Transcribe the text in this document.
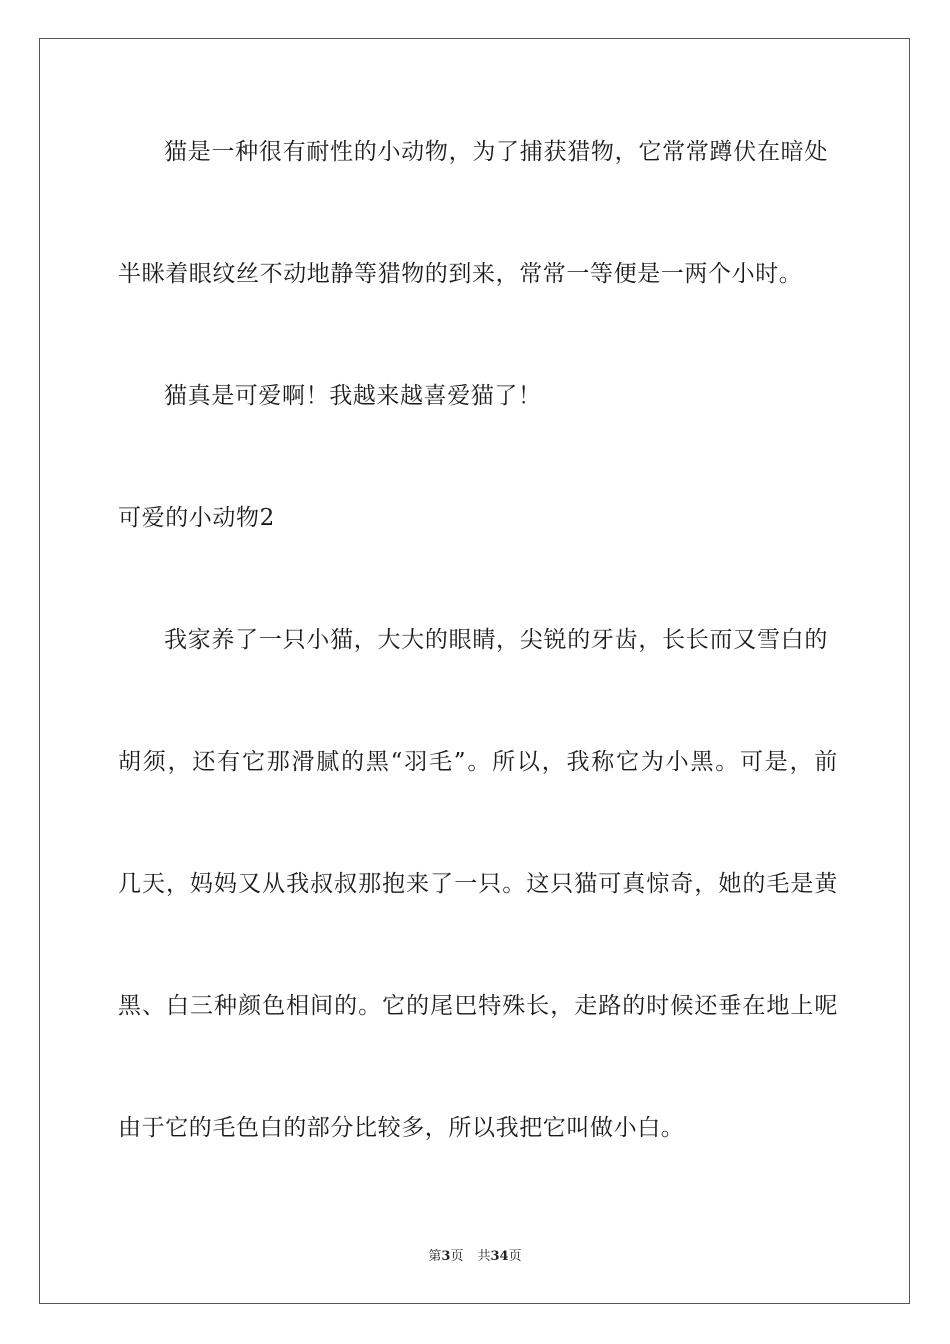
猫是一种很有耐性的小动物，为了捕获猎物，它常常蹲伏在暗处
半眯着眼纹丝不动地静等猎物的到来，常常一等便是一两个小时。
猫真是可爱啊！我越来越喜爱猫了！
可爱的小动物2
我家养了一只小猫，大大的眼睛，尖锐的牙齿，长长而又雪白的
胡须，还有它那滑腻的黑“羽毛”。所以，我称它为小黑。可是，前
几天，妈妈又从我叔叔那抱来了一只。这只猫可真惊奇，她的毛是黄
黑、白三种颜色相间的。它的尾巴特殊长，走路的时候还垂在地上呢
由于它的毛色白的部分比较多，所以我把它叫做小白。
第3页 共34页
